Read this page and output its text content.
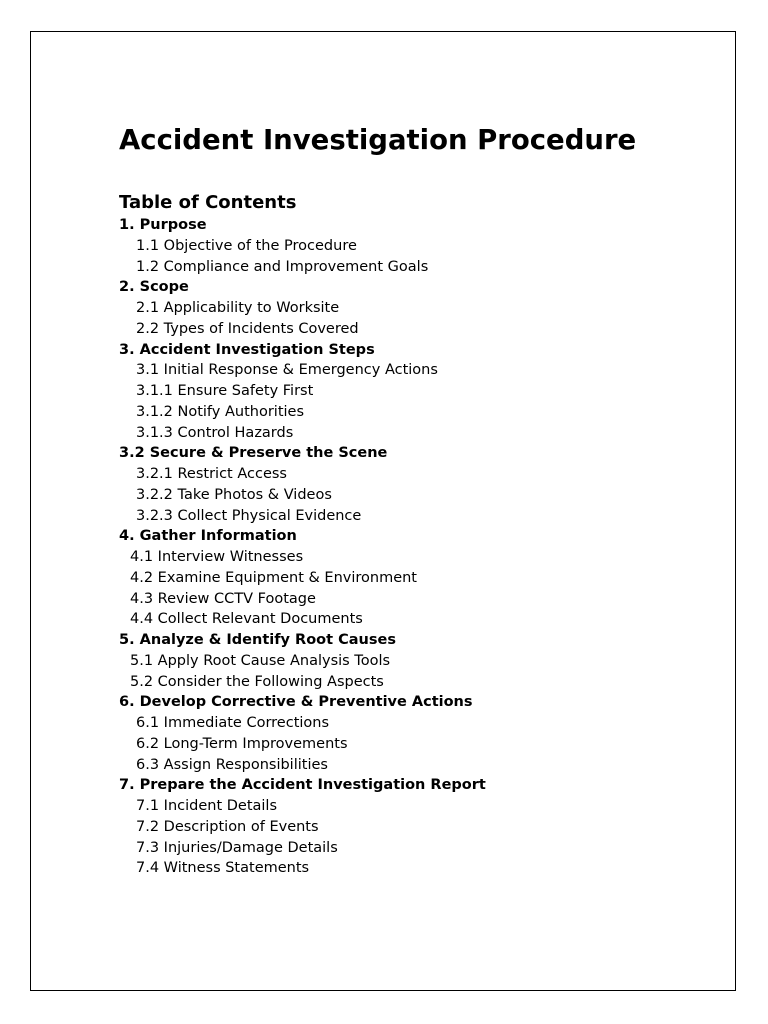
Accident Investigation Procedure
Table of Contents
1. Purpose
1.1 Objective of the Procedure
1.2 Compliance and Improvement Goals
2. Scope
2.1 Applicability to Worksite
2.2 Types of Incidents Covered
3. Accident Investigation Steps
3.1 Initial Response & Emergency Actions
3.1.1 Ensure Safety First
3.1.2 Notify Authorities
3.1.3 Control Hazards
3.2 Secure & Preserve the Scene
3.2.1 Restrict Access
3.2.2 Take Photos & Videos
3.2.3 Collect Physical Evidence
4. Gather Information
4.1 Interview Witnesses
4.2 Examine Equipment & Environment
4.3 Review CCTV Footage
4.4 Collect Relevant Documents
5. Analyze & Identify Root Causes
5.1 Apply Root Cause Analysis Tools
5.2 Consider the Following Aspects
6. Develop Corrective & Preventive Actions
6.1 Immediate Corrections
6.2 Long-Term Improvements
6.3 Assign Responsibilities
7. Prepare the Accident Investigation Report
7.1 Incident Details
7.2 Description of Events
7.3 Injuries/Damage Details
7.4 Witness Statements
